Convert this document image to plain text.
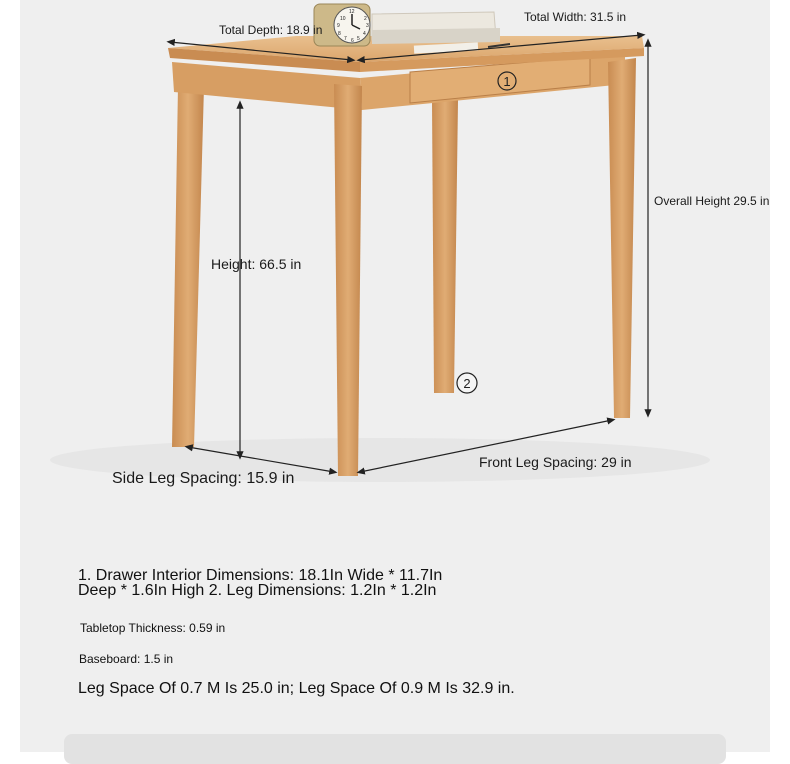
10
12
2
9	3
8
7 6 5
4
1
2
Total Depth: 18.9 in
Total Width: 31.5 in
Overall Height 29.5 in
Height: 66.5 in
Side Leg Spacing: 15.9 in
Front Leg Spacing: 29 in
1. Drawer Interior Dimensions: 18.1In Wide * 11.7In
Deep * 1.6In High 2. Leg Dimensions: 1.2In * 1.2In
Tabletop Thickness: 0.59 in
Baseboard: 1.5 in
Leg Space Of 0.7 M Is 25.0 in; Leg Space Of 0.9 M Is 32.9 in.
